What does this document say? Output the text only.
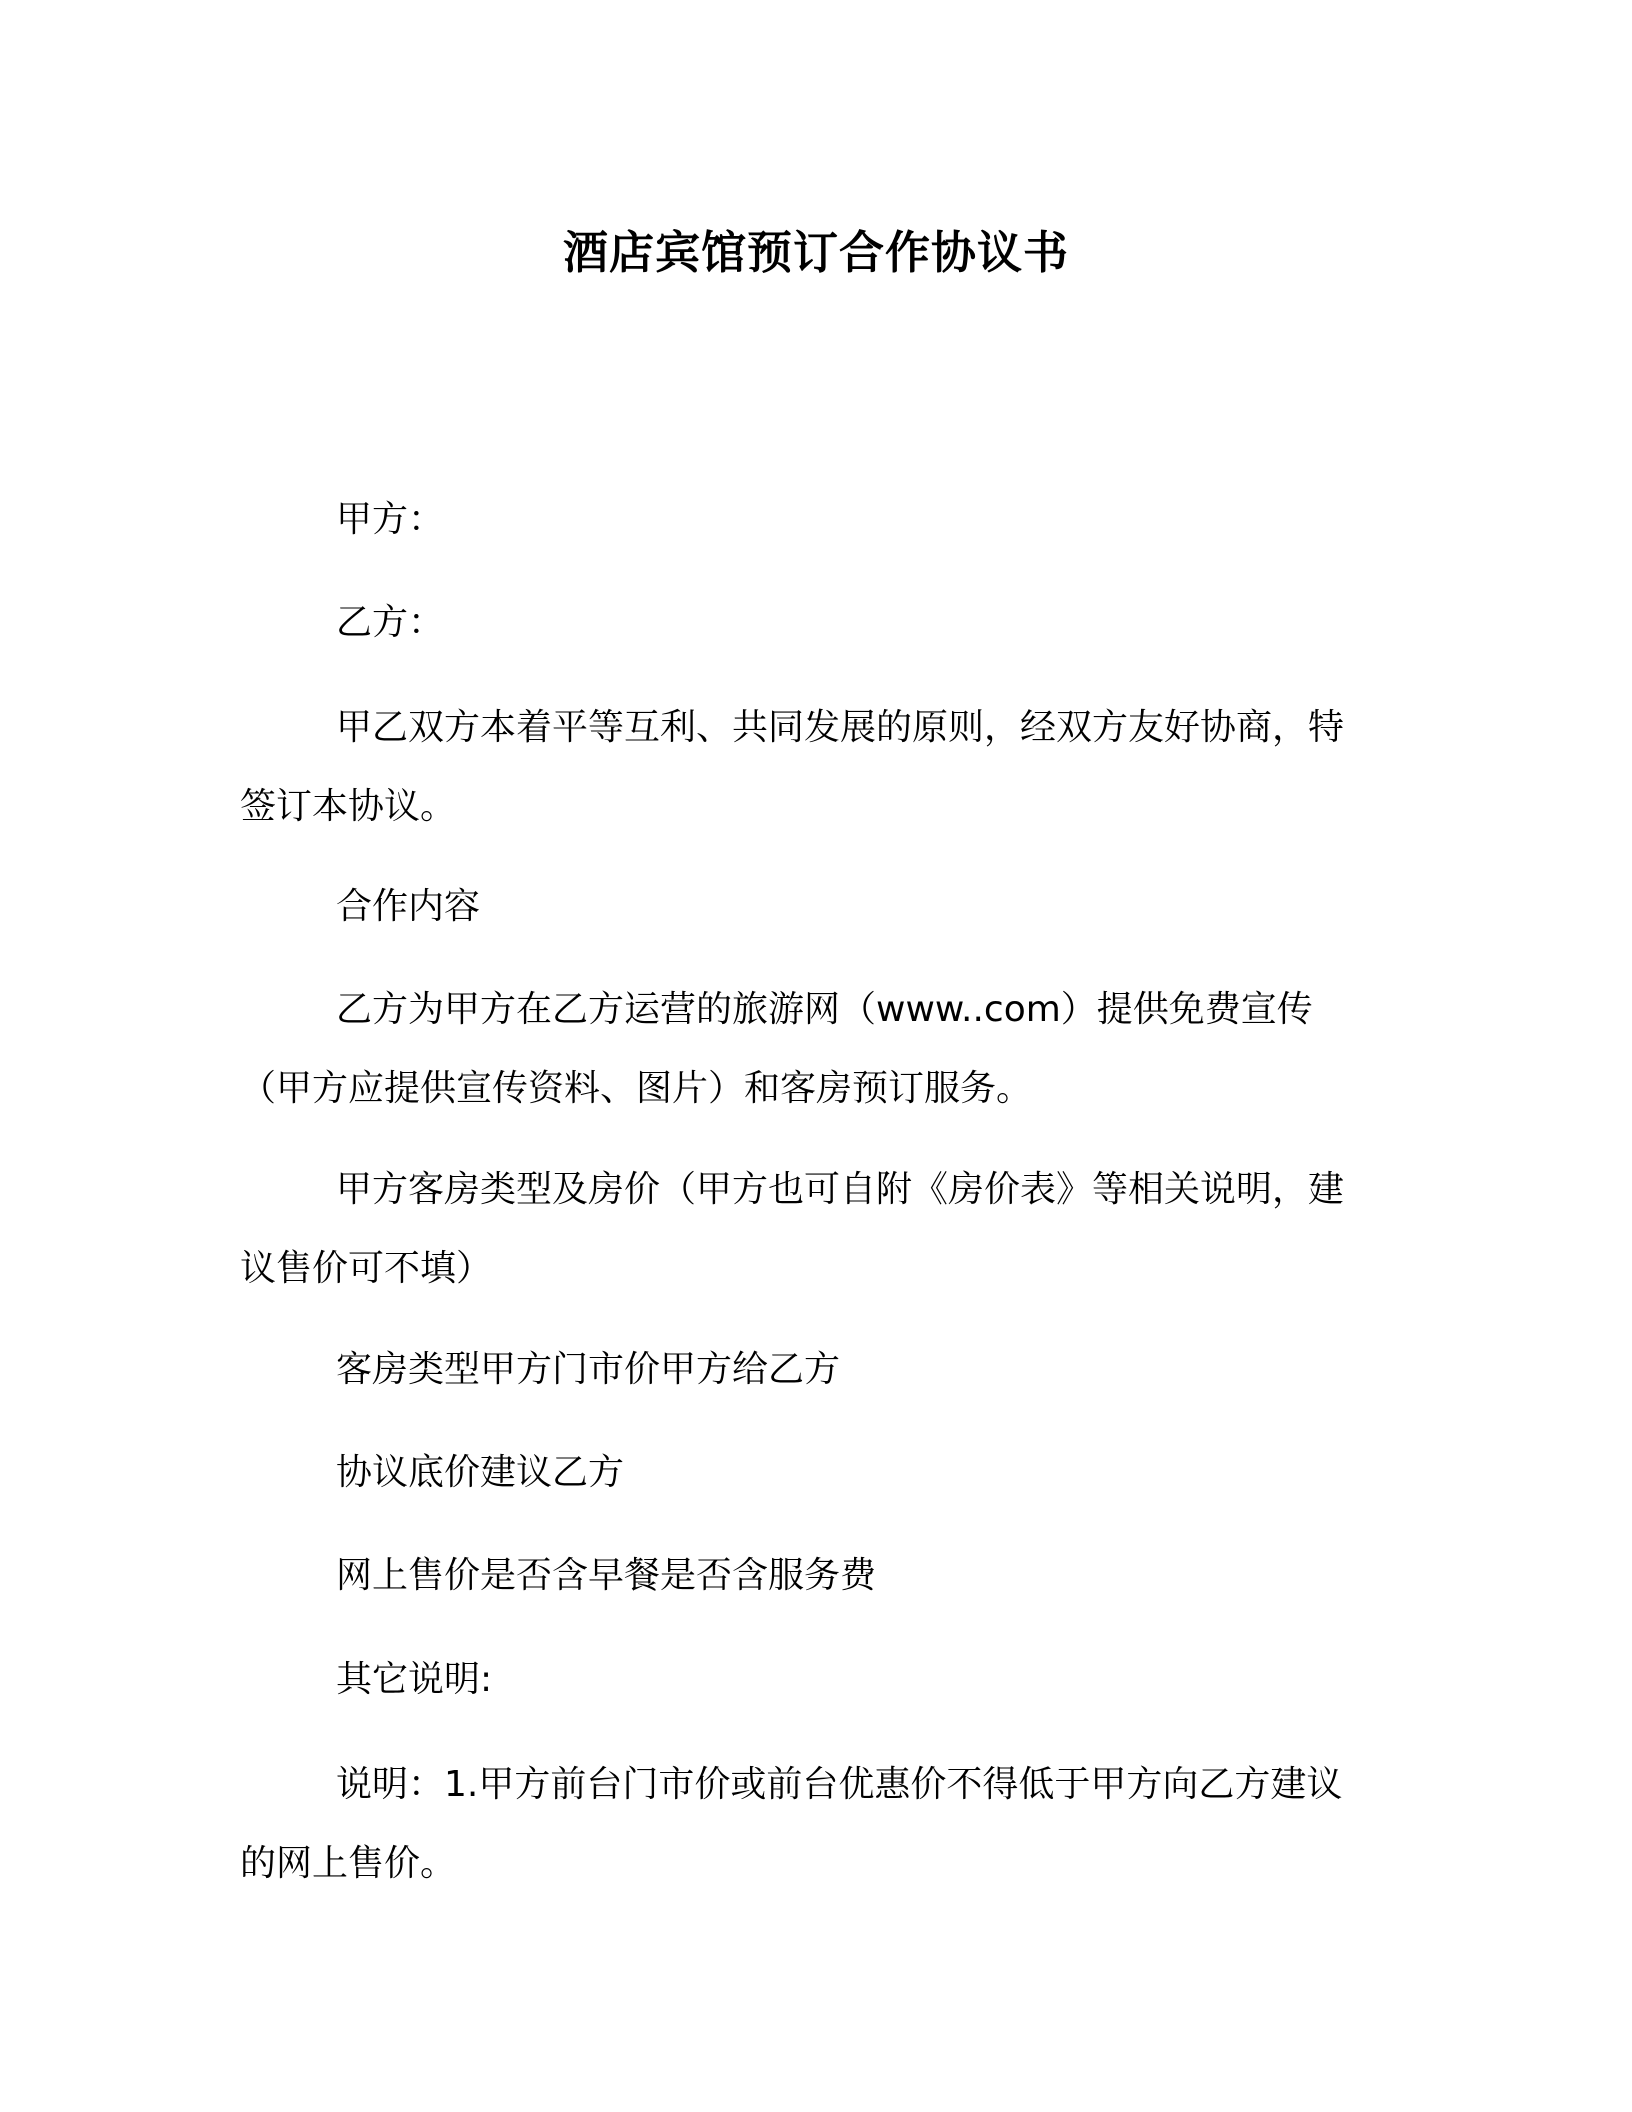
酒店宾馆预订合作协议书
甲方：
乙方：
甲乙双方本着平等互利、共同发展的原则，经双方友好协商，特
签订本协议。
合作内容
乙方为甲方在乙方运营的旅游网（www..com）提供免费宣传
（甲方应提供宣传资料、图片）和客房预订服务。
甲方客房类型及房价（甲方也可自附《房价表》等相关说明，建
议售价可不填）
客房类型甲方门市价甲方给乙方
协议底价建议乙方
网上售价是否含早餐是否含服务费
其它说明:
说明：1.甲方前台门市价或前台优惠价不得低于甲方向乙方建议
的网上售价。
